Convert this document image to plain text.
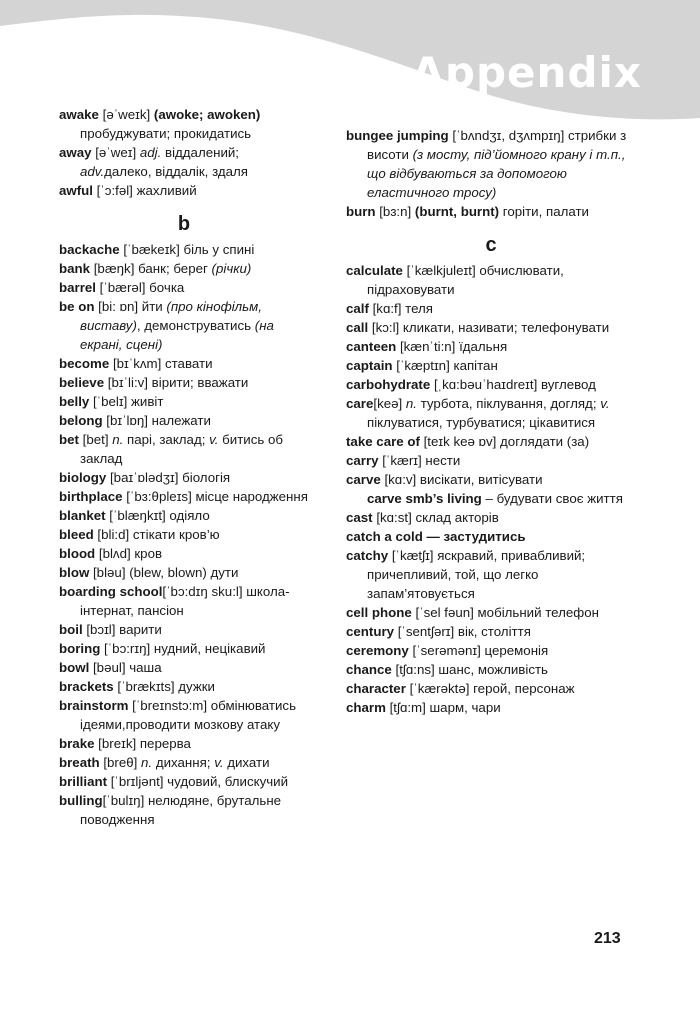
Appendix
awake [əˈweɪk] (awoke; awoken) пробуджувати; прокидатись
away [əˈweɪ] adj. віддалений; adv.далеко, віддалік, здаля
awful [ˈɔ:fəl] жахливий
b
backache [ˈbækeɪk] біль у спині
bank [bæŋk] банк; берег (річки)
barrel [ˈbærəl] бочка
be on [bi: ɒn] йти (про кінофільм, виставу), демонструватись (на екрані, сцені)
become [bɪˈkʌm] ставати
believe [bɪˈli:v] вірити; вважати
belly [ˈbelɪ] живіт
belong [bɪˈlɒŋ] належати
bet [bet] n. парі, заклад; v. битись об заклад
biology [baɪˈɒlədʒɪ] біологія
birthplace [ˈbɜ:θpleɪs] місце народження
blanket [ˈblæŋkɪt] одіяло
bleed [bli:d] стікати кров’ю
blood [blʌd] кров
blow [bləu] (blew, blown) дути
boarding school[ˈbɔ:dɪŋ sku:l] школа-інтернат, пансіон
boil [bɔɪl] варити
boring [ˈbɔ:rɪŋ] нудний, нецікавий
bowl [bəul] чаша
brackets [ˈbrækɪts] дужки
brainstorm [ˈbreɪnstɔ:m] обмінюватись ідеями,проводити мозкову атаку
brake [breɪk] перерва
breath [breθ] n. дихання; v. дихати
brilliant [ˈbrɪljənt] чудовий, блискучий
bulling[ˈbulɪŋ] нелюдяне, брутальне поводження
bungee jumping [ˈbʌndʒɪ, dʒʌmpɪŋ] стрибки з висоти (з мосту, під’йомного крану і т.п., що відбуваються за допомогою еластичного тросу)
burn [bɜ:n] (burnt, burnt) горіти, палати
c
calculate [ˈkælkjuleɪt] обчислювати, підраховувати
calf [kɑ:f] теля
call [kɔ:l] кликати, називати; телефонувати
canteen [kænˈti:n] їдальня
captain [ˈkæptɪn] капітан
carbohydrate [ˌkɑ:bəuˈhaɪdreɪt] вуглевод
care[keə] n. турбота, піклування, догляд; v. піклуватися, турбуватися; цікавитися
take care of [teɪk keə ɒv] доглядати (за)
carry [ˈkærɪ] нести
carve [kɑ:v] висікати, витісувати
carve smb’s living – будувати своє життя
cast [kɑ:st] склад акторів
catch a cold — застудитись
catchy [ˈkætʃɪ] яскравий, привабливий; причепливий, той, що легко запам’ятовується
cell phone [ˈsel fəun] мобільний телефон
century [ˈsentʃərɪ] вік, століття
ceremony [ˈserəmənɪ] церемонія
chance [tʃɑ:ns] шанс, можливість
character [ˈkærəktə] герой, персонаж
charm [tʃɑ:m] шарм, чари
213
